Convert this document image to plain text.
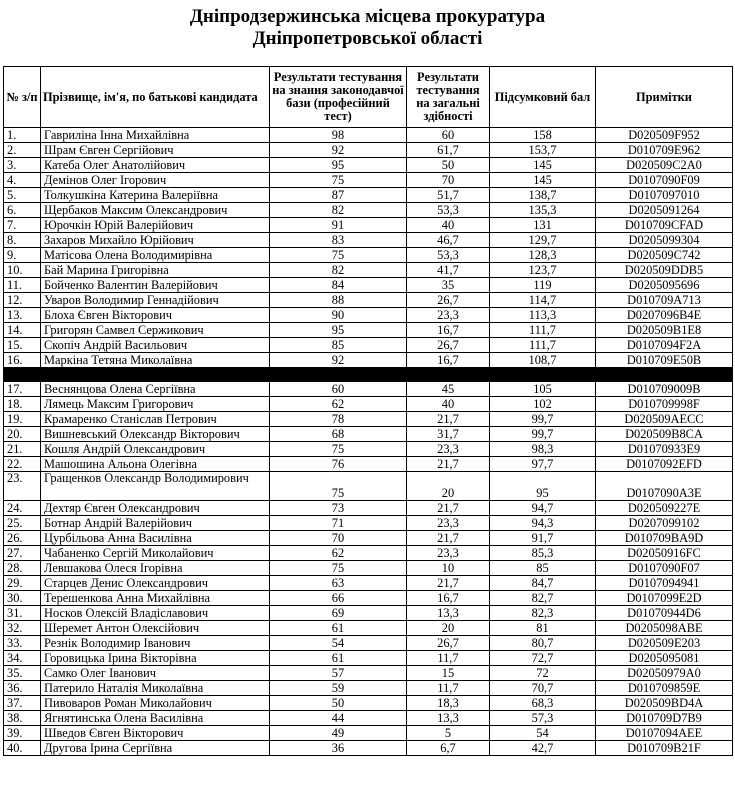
Дніпродзержинська місцева прокуратура
Дніпропетровської області
№ з/п	Прізвище, ім'я, по батькові кандидата	Результати тестування на знання законодавчої бази (професійний тест)	Результати тестування на загальні здібності	Підсумковий бал	Примітки
1.	Гавриліна Інна Михайлівна	98	60	158	D020509F952
2.	Шрам Євген Сергійович	92	61,7	153,7	D010709E962
3.	Катеба Олег Анатолійович	95	50	145	D020509C2A0
4.	Демінов Олег Ігорович	75	70	145	D0107090F09
5.	Толкушкіна Катерина Валеріївна	87	51,7	138,7	D0107097010
6.	Щербаков Максим Олександрович	82	53,3	135,3	D0205091264
7.	Юрочкін Юрій Валерійович	91	40	131	D010709CFAD
8.	Захаров Михайло Юрійович	83	46,7	129,7	D0205099304
9.	Матісова Олена Володимирівна	75	53,3	128,3	D020509C742
10.	Бай Марина Григорівна	82	41,7	123,7	D020509DDB5
11.	Бойченко Валентин Валерійович	84	35	119	D0205095696
12.	Уваров Володимир Геннадійович	88	26,7	114,7	D010709A713
13.	Блоха Євген Вікторович	90	23,3	113,3	D0207096B4E
14.	Григорян Самвел Сержикович	95	16,7	111,7	D020509B1E8
15.	Скопіч Андрій Васильович	85	26,7	111,7	D0107094F2A
16.	Маркіна Тетяна Миколаївна	92	16,7	108,7	D010709E50B

17.	Веснянцова Олена Сергіївна	60	45	105	D010709009B
18.	Лямець Максим Григорович	62	40	102	D010709998F
19.	Крамаренко Станіслав Петрович	78	21,7	99,7	D020509AECC
20.	Вишневський Олександр Вікторович	68	31,7	99,7	D020509B8CA
21.	Кошля Андрій Олександрович	75	23,3	98,3	D01070933E9
22.	Машошина Альона Олегівна	76	21,7	97,7	D0107092EFD
23.	Гращенков Олександр Володимирович	75	20	95	D0107090A3E
24.	Дехтяр Євген Олександрович	73	21,7	94,7	D020509227E
25.	Ботнар Андрій Валерійович	71	23,3	94,3	D0207099102
26.	Цурбільова Анна Василівна	70	21,7	91,7	D010709BA9D
27.	Чабаненко Сергій Миколайович	62	23,3	85,3	D02050916FC
28.	Левшакова Олеся Ігорівна	75	10	85	D0107090F07
29.	Старцев Денис Олександрович	63	21,7	84,7	D0107094941
30.	Терешенкова Анна Михайлівна	66	16,7	82,7	D0107099E2D
31.	Носков Олексій Владіславович	69	13,3	82,3	D01070944D6
32.	Шеремет Антон Олексійович	61	20	81	D0205098ABE
33.	Резнік Володимир Іванович	54	26,7	80,7	D020509E203
34.	Горовицька Ірина Вікторівна	61	11,7	72,7	D0205095081
35.	Самко Олег Іванович	57	15	72	D02050979A0
36.	Патерило Наталія Миколаївна	59	11,7	70,7	D010709859E
37.	Пивоваров Роман Миколайович	50	18,3	68,3	D020509BD4A
38.	Ягнятинська Олена Василівна	44	13,3	57,3	D010709D7B9
39.	Шведов Євген Вікторович	49	5	54	D0107094AEE
40.	Другова Ірина Сергіївна	36	6,7	42,7	D010709B21F
